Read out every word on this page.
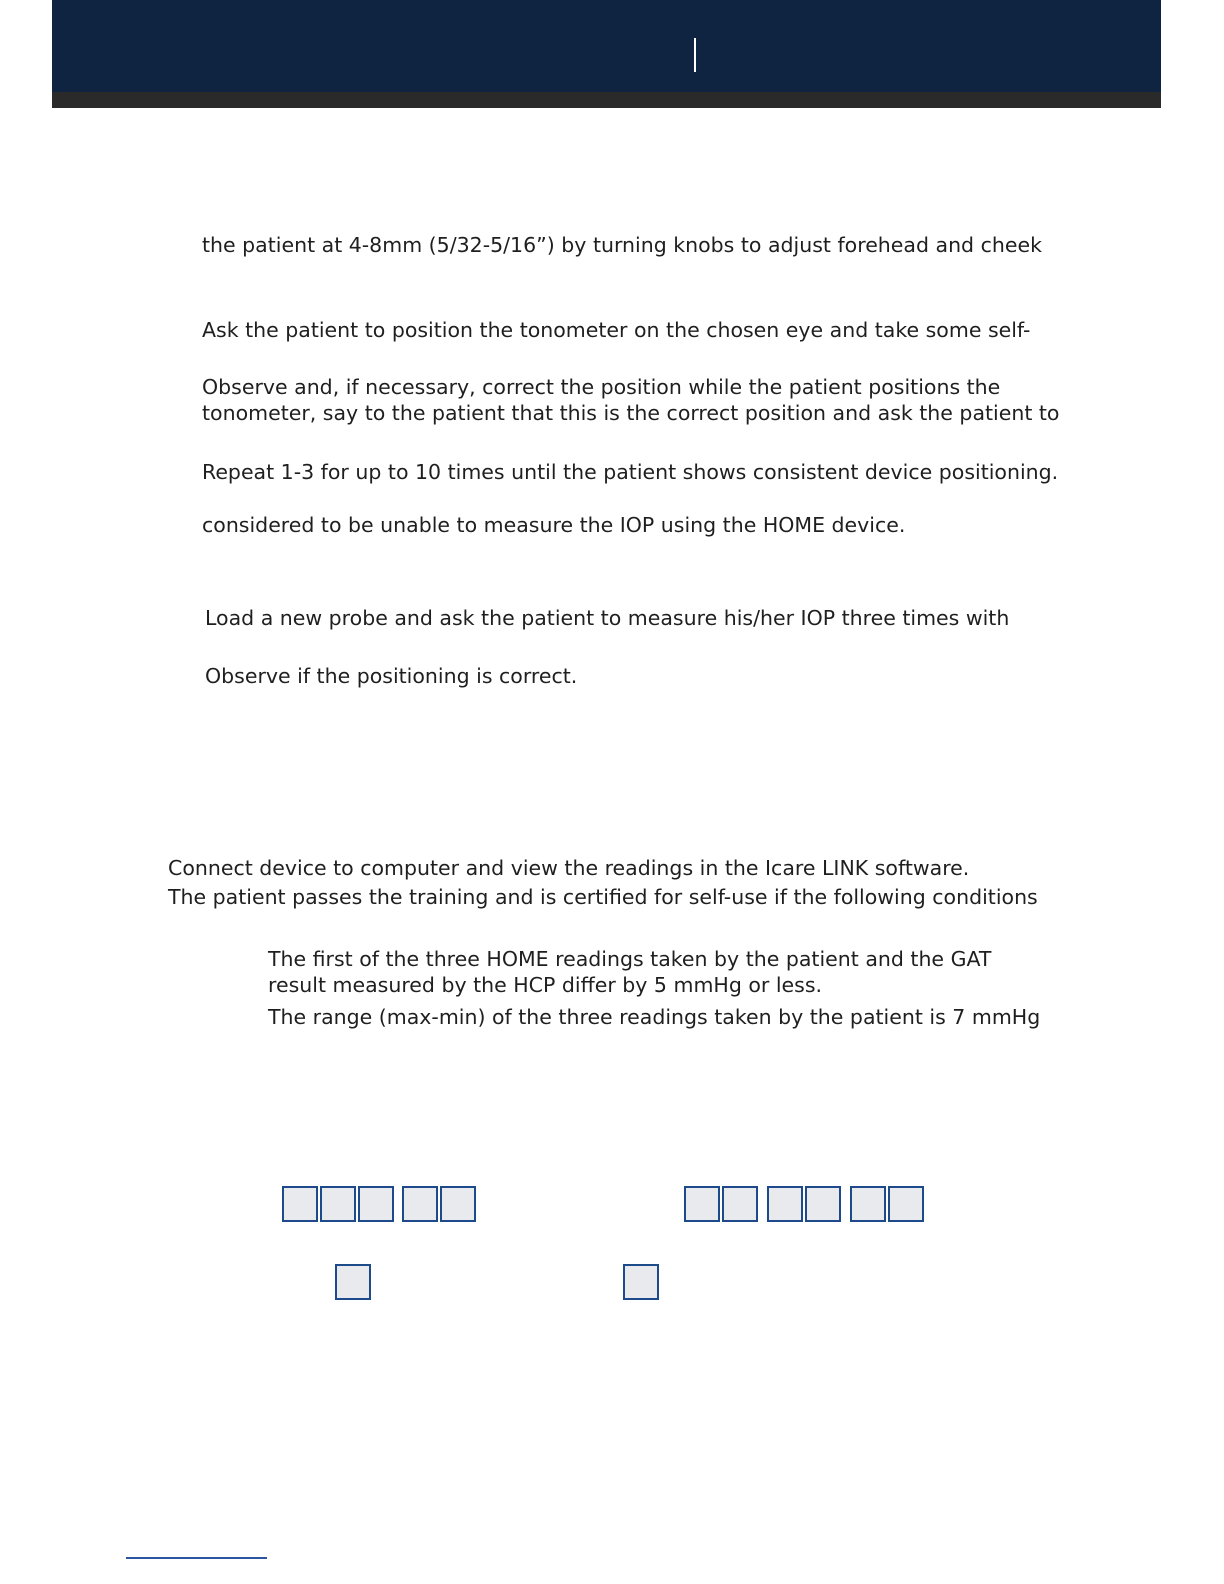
the patient at 4-8mm (5/32-5/16”) by turning knobs to adjust forehead and cheek
Ask the patient to position the tonometer on the chosen eye and take some self-
Observe and, if necessary, correct the position while the patient positions the
tonometer, say to the patient that this is the correct position and ask the patient to
Repeat 1-3 for up to 10 times until the patient shows consistent device positioning.
considered to be unable to measure the IOP using the HOME device.
Load a new probe and ask the patient to measure his/her IOP three times with
Observe if the positioning is correct.
Connect device to computer and view the readings in the Icare LINK software.
The patient passes the training and is certified for self-use if the following conditions
The first of the three HOME readings taken by the patient and the GAT
result measured by the HCP differ by 5 mmHg or less.
The range (max-min) of the three readings taken by the patient is 7 mmHg
